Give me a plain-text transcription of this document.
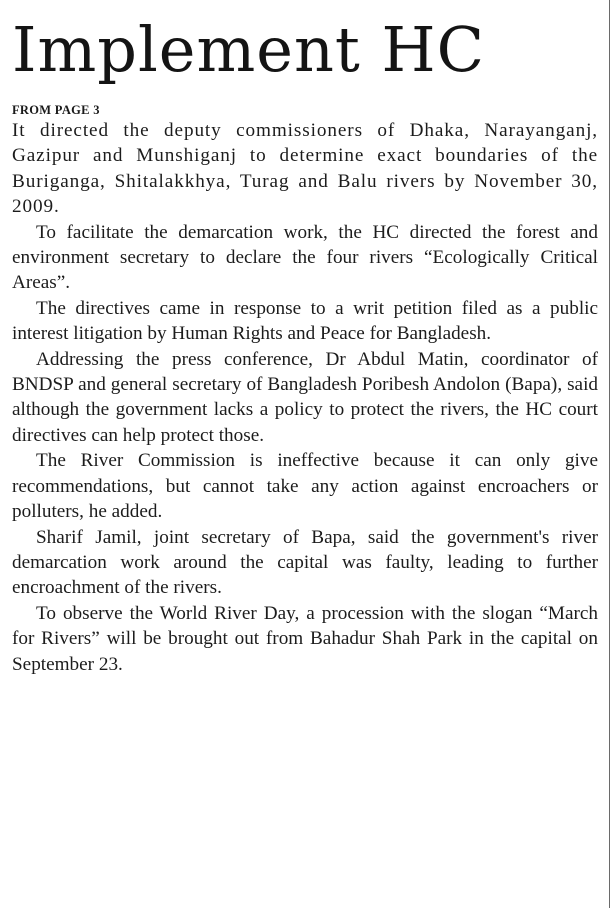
Implement HC
FROM PAGE 3

It directed the deputy commissioners of Dhaka, Narayanganj, Gazipur and Munshiganj to determine exact boundaries of the Buriganga, Shitalakkhya, Turag and Balu rivers by November 30, 2009.

To facilitate the demarcation work, the HC directed the forest and environment secretary to declare the four rivers “Ecologically Critical Areas”.

The directives came in response to a writ petition filed as a public interest litigation by Human Rights and Peace for Bangladesh.

Addressing the press conference, Dr Abdul Matin, coordinator of BNDSP and general secretary of Bangladesh Poribesh Andolon (Bapa), said although the government lacks a policy to protect the rivers, the HC court directives can help protect those.

The River Commission is ineffective because it can only give recommendations, but cannot take any action against encroachers or polluters, he added.

Sharif Jamil, joint secretary of Bapa, said the government's river demarcation work around the capital was faulty, leading to further encroachment of the rivers.

To observe the World River Day, a procession with the slogan “March for Rivers” will be brought out from Bahadur Shah Park in the capital on September 23.
